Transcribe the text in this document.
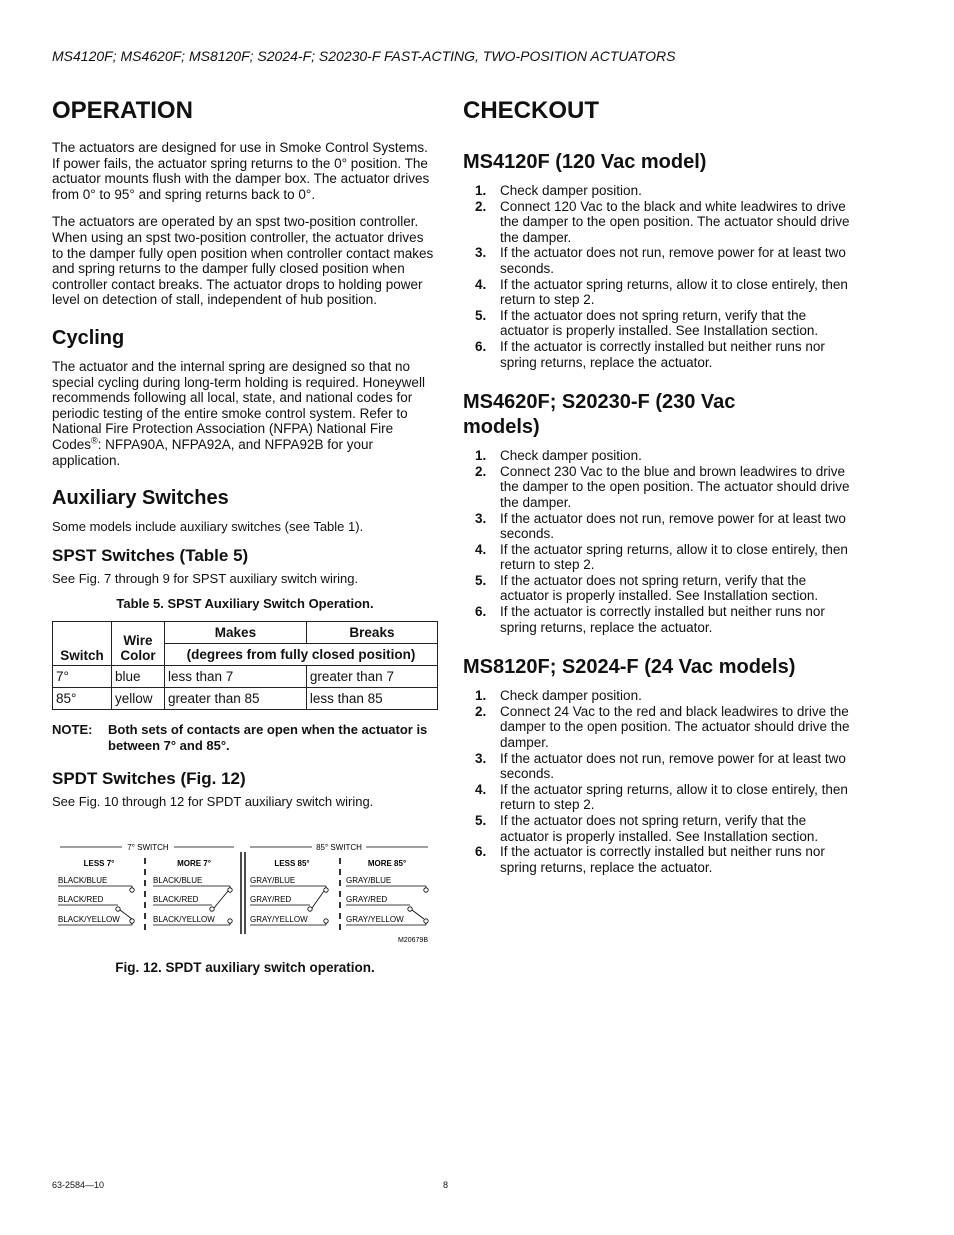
MS4120F; MS4620F; MS8120F; S2024-F; S20230-F FAST-ACTING, TWO-POSITION ACTUATORS
OPERATION

The actuators are designed for use in Smoke Control Systems. If power fails, the actuator spring returns to the 0° position. The actuator mounts flush with the damper box. The actuator drives from 0° to 95° and spring returns back to 0°.

The actuators are operated by an spst two-position controller. When using an spst two-position controller, the actuator drives to the damper fully open position when controller contact makes and spring returns to the damper fully closed position when controller contact breaks. The actuator drops to holding power level on detection of stall, independent of hub position.

Cycling

The actuator and the internal spring are designed so that no special cycling during long-term holding is required. Honeywell recommends following all local, state, and national codes for periodic testing of the entire smoke control system. Refer to National Fire Protection Association (NFPA) National Fire Codes®: NFPA90A, NFPA92A, and NFPA92B for your application.

Auxiliary Switches

Some models include auxiliary switches (see Table 1).

SPST Switches (Table 5)

See Fig. 7 through 9 for SPST auxiliary switch wiring.

Table 5. SPST Auxiliary Switch Operation.
Switch	Wire Color	Makes	Breaks
		(degrees from fully closed position)	
7°	blue	less than 7	greater than 7
85°	yellow	greater than 85	less than 85
NOTE:	Both sets of contacts are open when the actuator is between 7° and 85°.
SPDT Switches (Fig. 12)

See Fig. 10 through 12 for SPDT auxiliary switch wiring.

7° SWITCH	85° SWITCH
LESS 7°	MORE 7°	LESS 85°	MORE 85°
BLACK/BLUE
BLACK/RED
BLACK/YELLOW
BLACK/BLUE
BLACK/RED
BLACK/YELLOW
GRAY/BLUE
GRAY/RED
GRAY/YELLOW
GRAY/BLUE
GRAY/RED
GRAY/YELLOW
M20679B
Fig. 12. SPDT auxiliary switch operation.
CHECKOUT
MS4120F (120 Vac model)
1.	Check damper position.
2.	Connect 120 Vac to the black and white leadwires to drive the damper to the open position. The actuator should drive the damper.
3.	If the actuator does not run, remove power for at least two seconds.
4.	If the actuator spring returns, allow it to close entirely, then return to step 2.
5.	If the actuator does not spring return, verify that the actuator is properly installed. See Installation section.
6.	If the actuator is correctly installed but neither runs nor spring returns, replace the actuator.
MS4620F; S20230-F (230 Vac models)
1.	Check damper position.
2.	Connect 230 Vac to the blue and brown leadwires to drive the damper to the open position. The actuator should drive the damper.
3.	If the actuator does not run, remove power for at least two seconds.
4.	If the actuator spring returns, allow it to close entirely, then return to step 2.
5.	If the actuator does not spring return, verify that the actuator is properly installed. See Installation section.
6.	If the actuator is correctly installed but neither runs nor spring returns, replace the actuator.
MS8120F; S2024-F (24 Vac models)
1.	Check damper position.
2.	Connect 24 Vac to the red and black leadwires to drive the damper to the open position. The actuator should drive the damper.
3.	If the actuator does not run, remove power for at least two seconds.
4.	If the actuator spring returns, allow it to close entirely, then return to step 2.
5.	If the actuator does not spring return, verify that the actuator is properly installed. See Installation section.
6.	If the actuator is correctly installed but neither runs nor spring returns, replace the actuator.
63-2584—10	8
